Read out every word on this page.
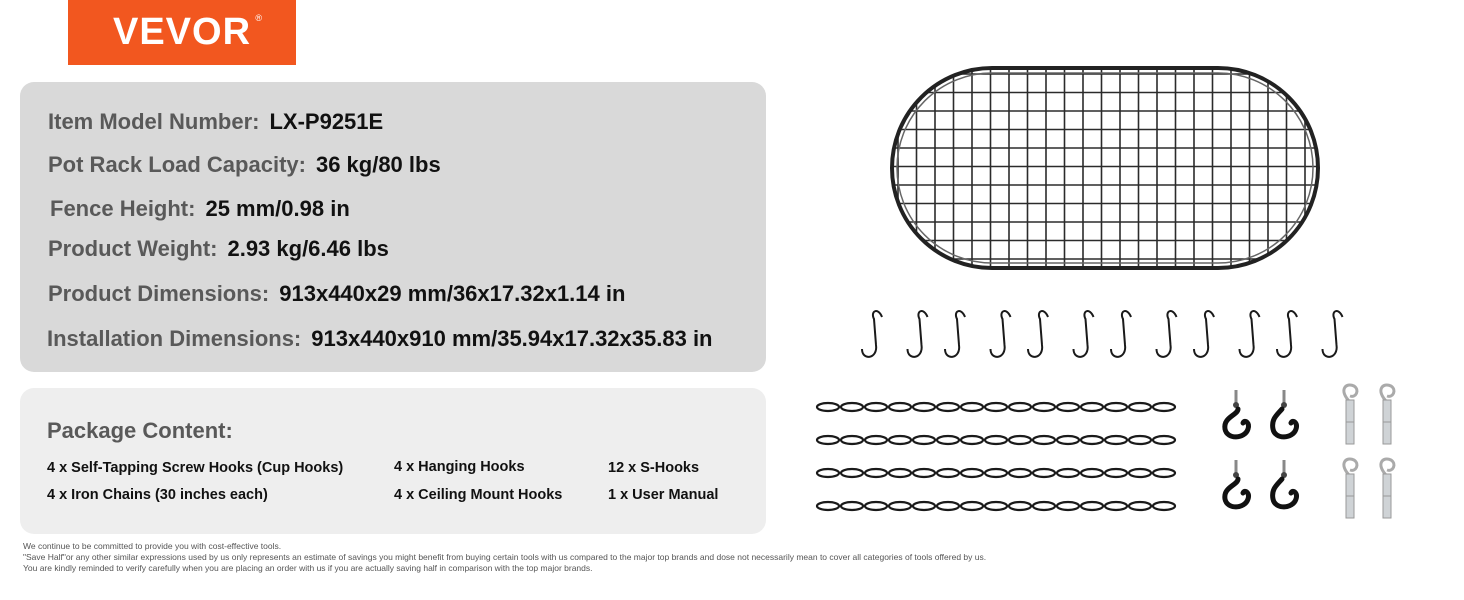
VEVOR ®
Item Model Number: LX-P9251E
Pot Rack Load Capacity: 36 kg/80 lbs
Fence Height: 25 mm/0.98 in
Product Weight: 2.93 kg/6.46 lbs
Product Dimensions: 913x440x29 mm/36x17.32x1.14 in
Installation Dimensions: 913x440x910 mm/35.94x17.32x35.83 in
Package Content:
4 x Self-Tapping Screw Hooks (Cup Hooks)
4 x Iron Chains (30 inches each)
4 x Hanging Hooks
4 x Ceiling Mount Hooks
12 x S-Hooks
1 x User Manual
We continue to be committed to provide you with cost-effective tools.
"Save Half"or any other similar expressions used by us only represents an estimate of savings you might benefit from buying certain tools with us compared to the major top brands and dose not necessarily mean to cover all categories of tools offered by us.
You are kindly reminded to verify carefully when you are placing an order with us if you are actually saving half in comparison with the top major brands.
